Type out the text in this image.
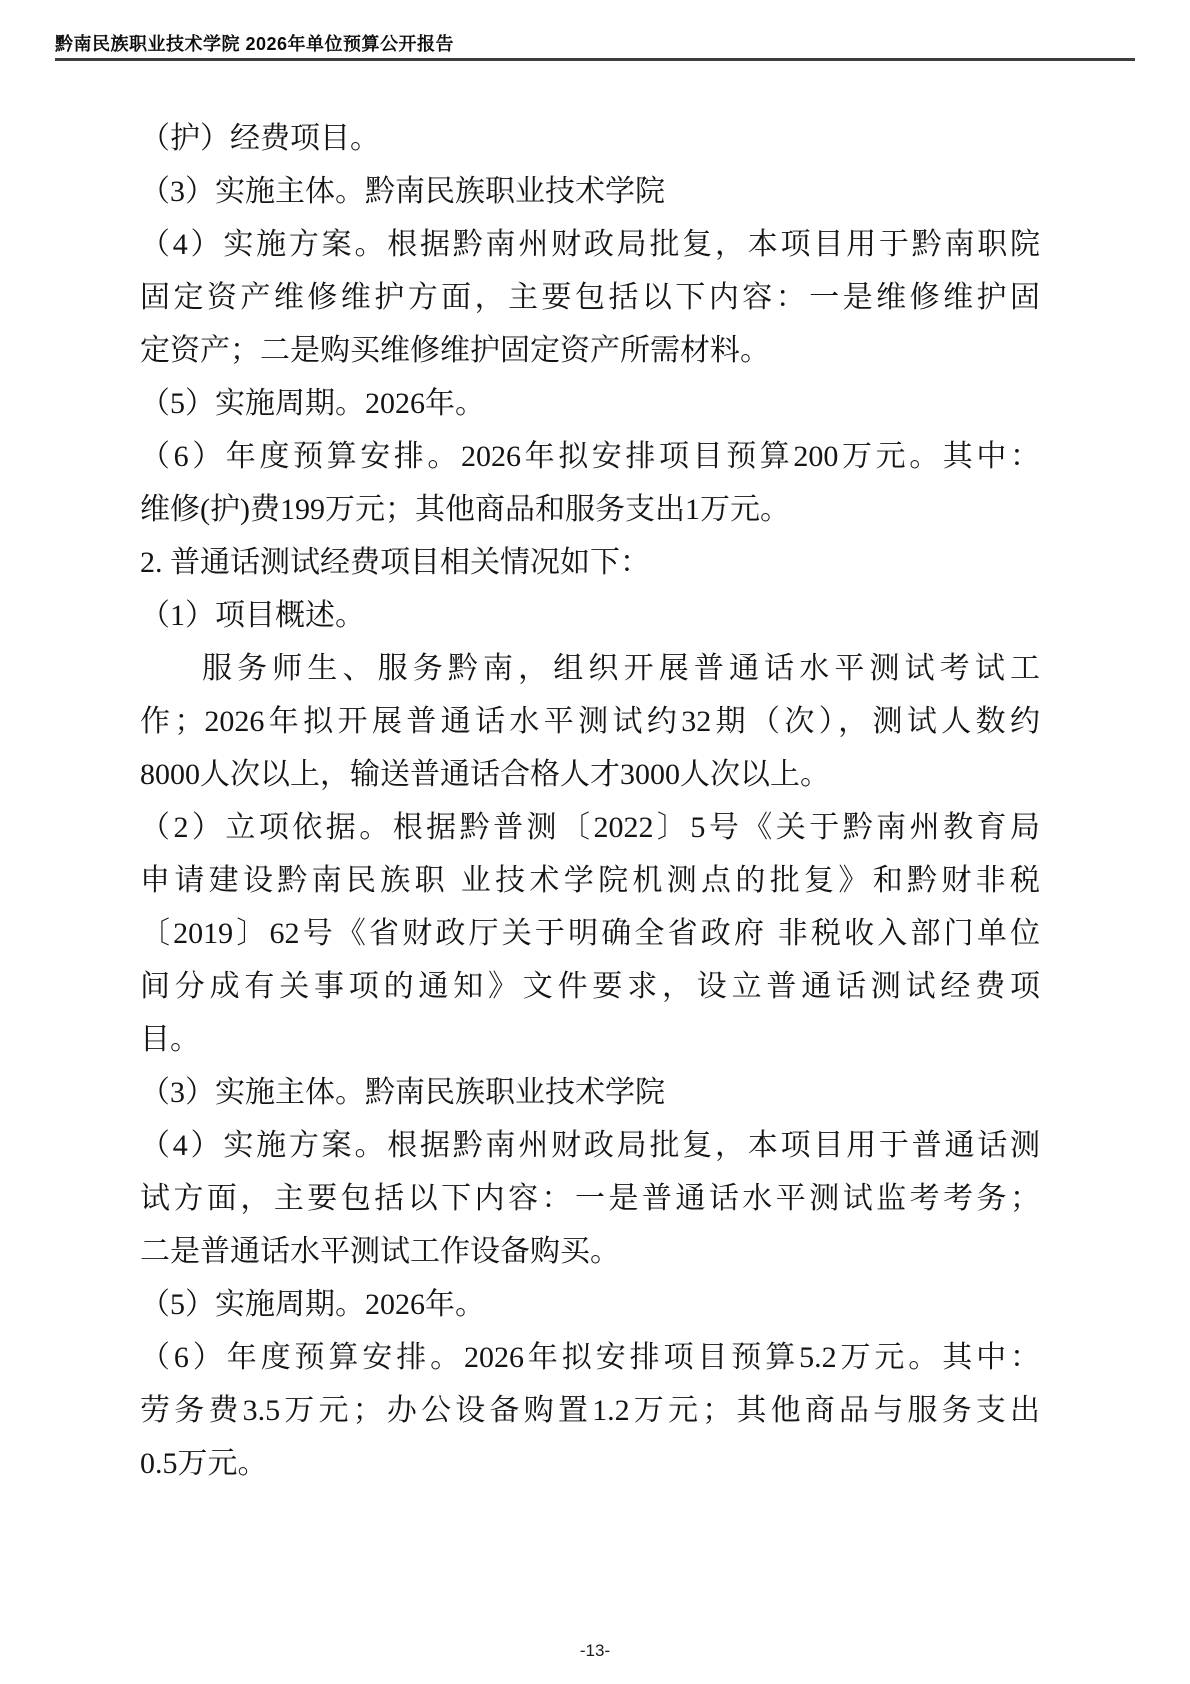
黔南民族职业技术学院 2026年单位预算公开报告
（护）经费项目。
（3）实施主体。黔南民族职业技术学院
（4）实施方案。根据黔南州财政局批复，本项目用于黔南职院
固定资产维修维护方面，主要包括以下内容：一是维修维护固
定资产；二是购买维修维护固定资产所需材料。
（5）实施周期。2026年。
（6）年度预算安排。2026年拟安排项目预算200万元。其中：
维修(护)费199万元；其他商品和服务支出1万元。
2. 普通话测试经费项目相关情况如下：
（1）项目概述。
服务师生、服务黔南，组织开展普通话水平测试考试工
作；2026年拟开展普通话水平测试约32期（次），测试人数约
8000人次以上，输送普通话合格人才3000人次以上。
（2）立项依据。根据黔普测〔2022〕5号《关于黔南州教育局
申请建设黔南民族职 业技术学院机测点的批复》和黔财非税
〔2019〕62号《省财政厅关于明确全省政府 非税收入部门单位
间分成有关事项的通知》文件要求，设立普通话测试经费项
目。
（3）实施主体。黔南民族职业技术学院
（4）实施方案。根据黔南州财政局批复，本项目用于普通话测
试方面，主要包括以下内容：一是普通话水平测试监考考务；
二是普通话水平测试工作设备购买。
（5）实施周期。2026年。
（6）年度预算安排。2026年拟安排项目预算5.2万元。其中：
劳务费3.5万元；办公设备购置1.2万元；其他商品与服务支出
0.5万元。
-13-
